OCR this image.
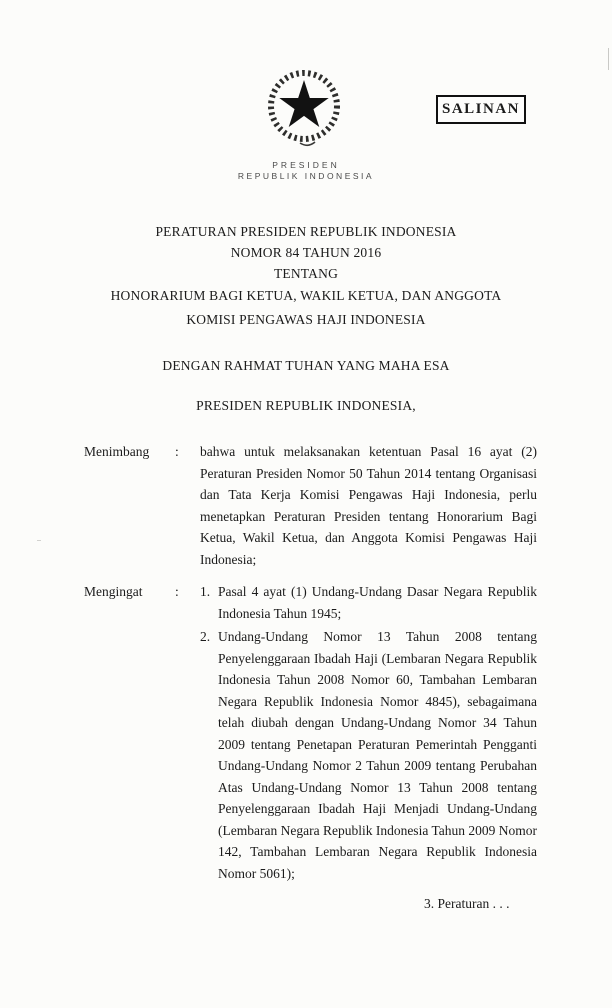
SALINAN
PRESIDEN
REPUBLIK INDONESIA
PERATURAN PRESIDEN REPUBLIK INDONESIA
NOMOR 84 TAHUN 2016
TENTANG
HONORARIUM BAGI KETUA, WAKIL KETUA, DAN ANGGOTA
KOMISI PENGAWAS HAJI INDONESIA
DENGAN RAHMAT TUHAN YANG MAHA ESA
PRESIDEN REPUBLIK INDONESIA,
Menimbang	:	bahwa untuk melaksanakan ketentuan Pasal 16 ayat (2) Peraturan Presiden Nomor 50 Tahun 2014 tentang Organisasi dan Tata Kerja Komisi Pengawas Haji Indonesia, perlu menetapkan Peraturan Presiden tentang Honorarium Bagi Ketua, Wakil Ketua, dan Anggota Komisi Pengawas Haji Indonesia;
Mengingat	:	1. Pasal 4 ayat (1) Undang-Undang Dasar Negara Republik Indonesia Tahun 1945;
2. Undang-Undang Nomor 13 Tahun 2008 tentang Penyelenggaraan Ibadah Haji (Lembaran Negara Republik Indonesia Tahun 2008 Nomor 60, Tambahan Lembaran Negara Republik Indonesia Nomor 4845), sebagaimana telah diubah dengan Undang-Undang Nomor 34 Tahun 2009 tentang Penetapan Peraturan Pemerintah Pengganti Undang-Undang Nomor 2 Tahun 2009 tentang Perubahan Atas Undang-Undang Nomor 13 Tahun 2008 tentang Penyelenggaraan Ibadah Haji Menjadi Undang-Undang (Lembaran Negara Republik Indonesia Tahun 2009 Nomor 142, Tambahan Lembaran Negara Republik Indonesia Nomor 5061);
3. Peraturan . . .
